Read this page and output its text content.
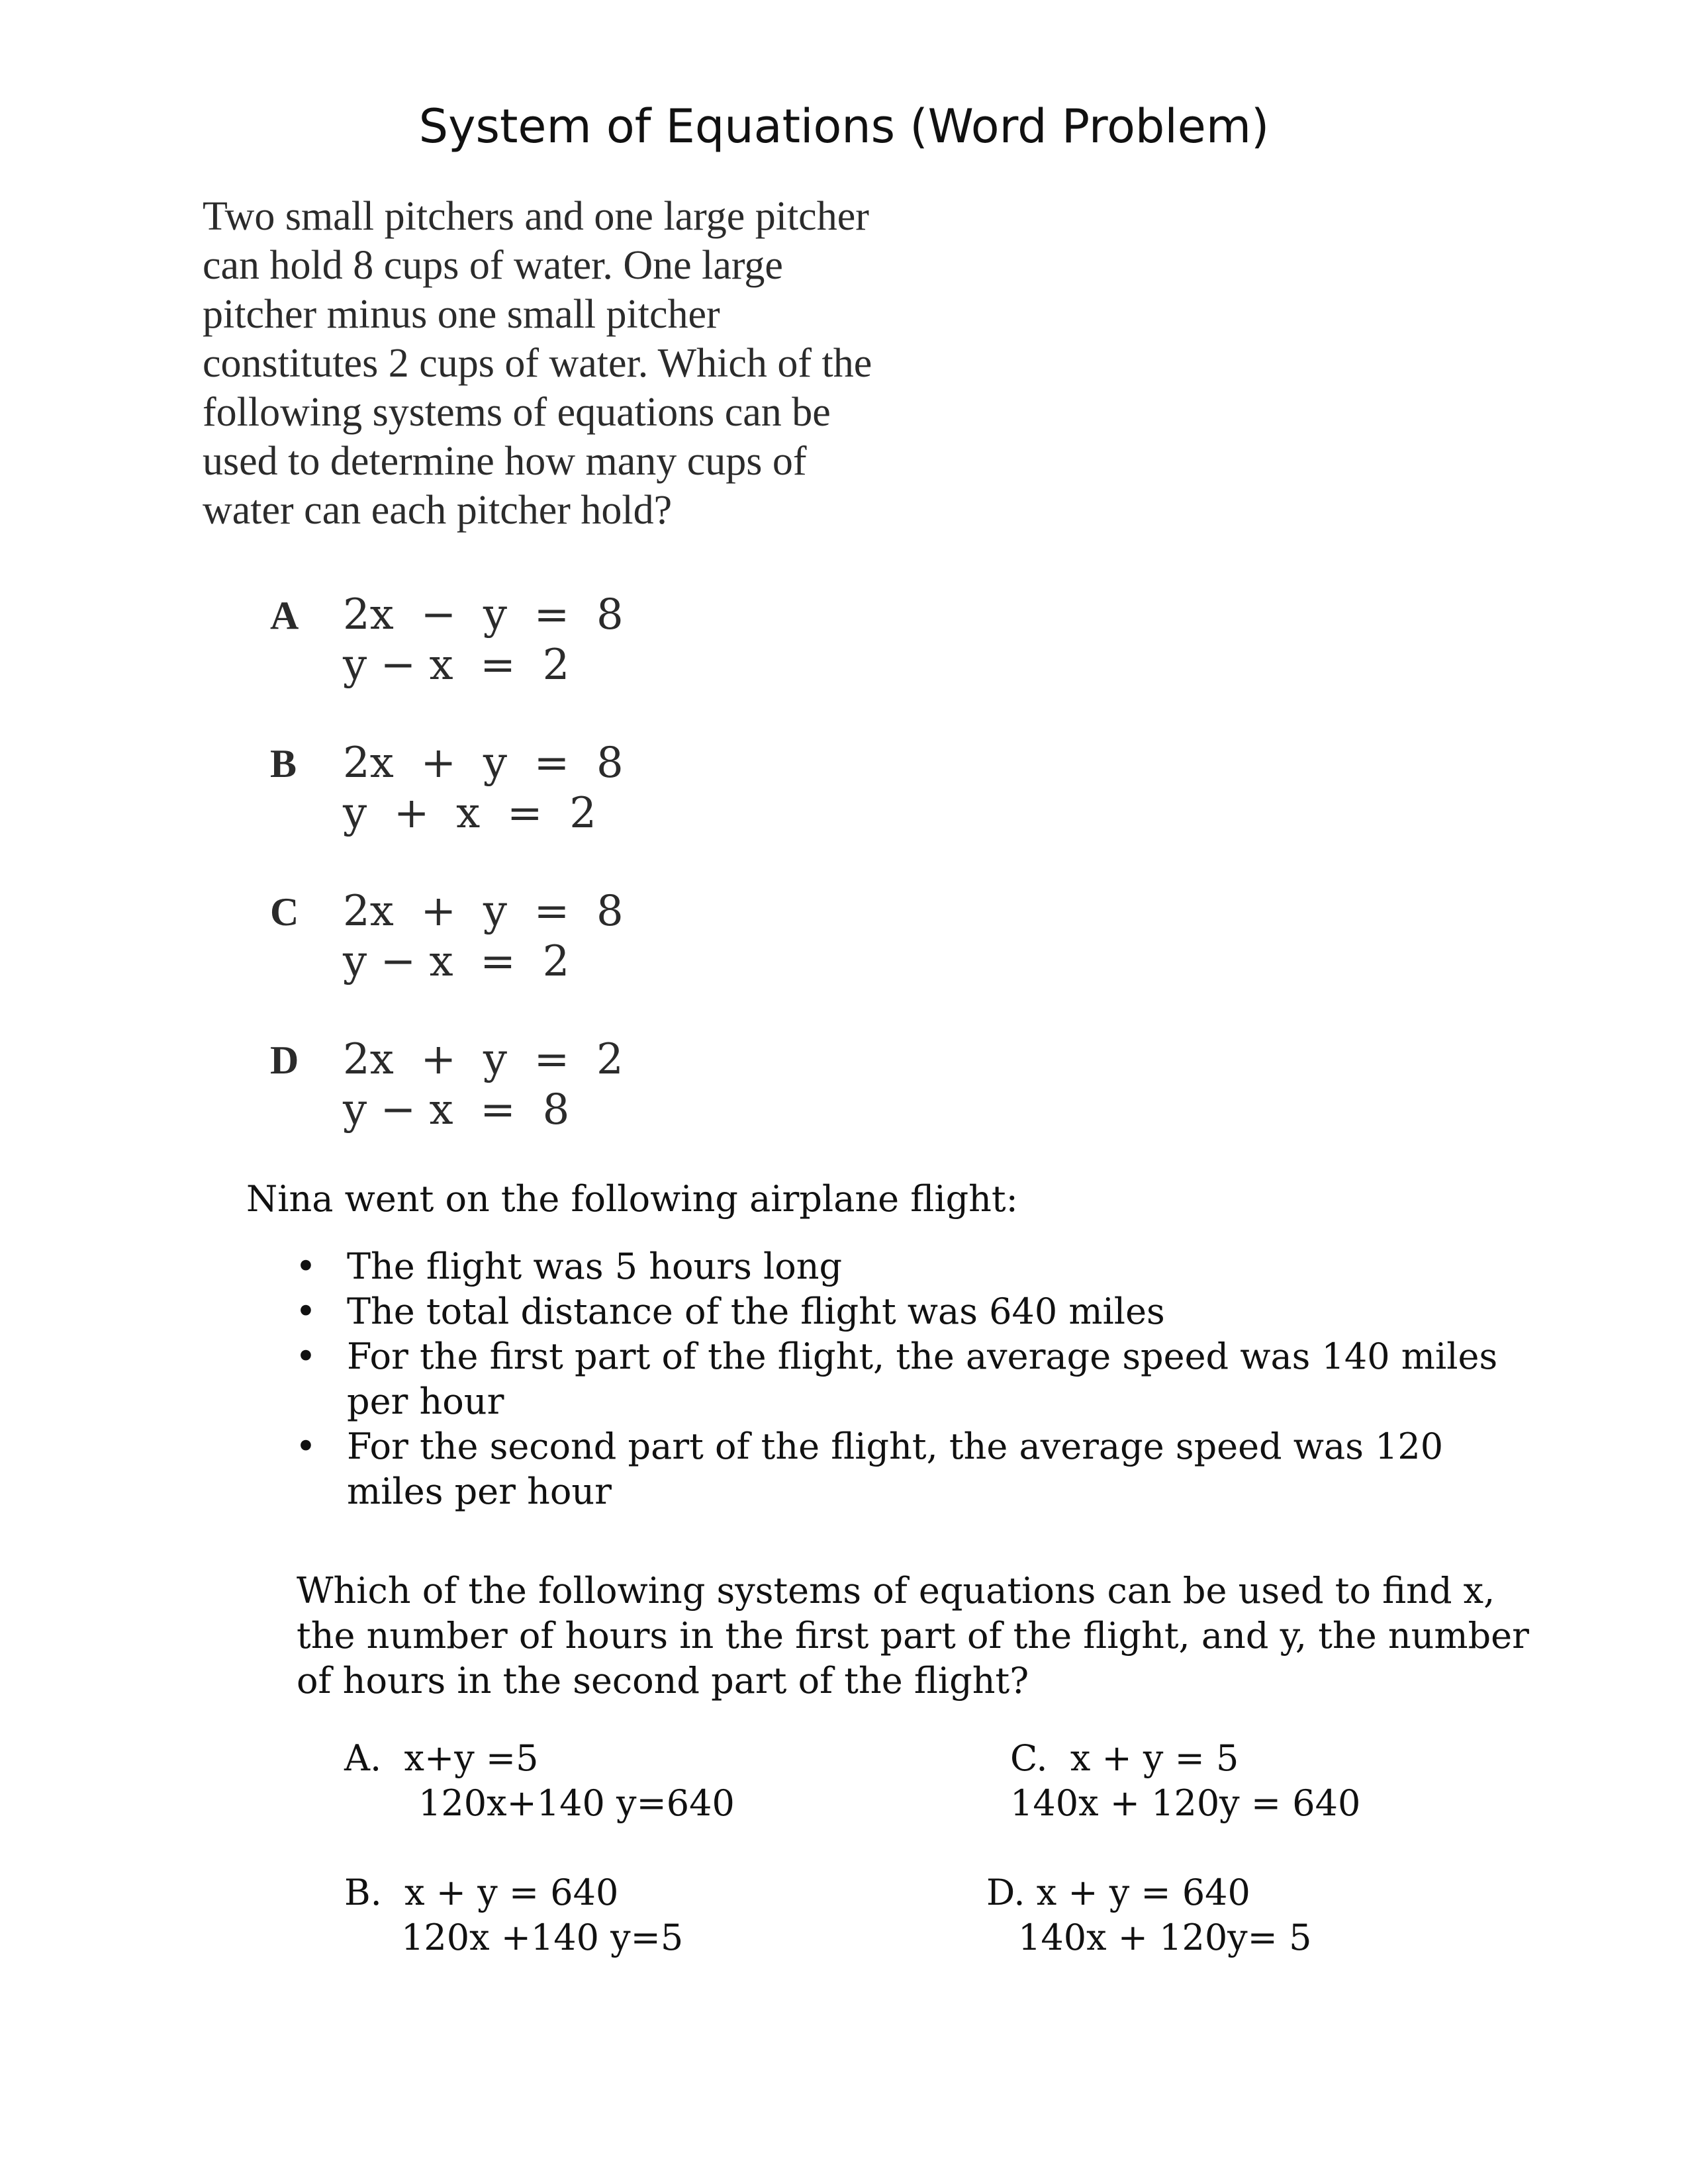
System of Equations (Word Problem)
Two small pitchers and one large pitcher
can hold 8 cups of water. One large
pitcher minus one small pitcher
constitutes 2 cups of water. Which of the
following systems of equations can be
used to determine how many cups of
water can each pitcher hold?
A 2x  −  y  =  8
y − x  =  2
B 2x  +  y  =  8
y  +  x  =  2
C 2x  +  y  =  8
y − x  =  2
D 2x  +  y  =  2
y − x  =  8
Nina went on the following airplane flight:
• The flight was 5 hours long
• The total distance of the flight was 640 miles
• For the first part of the flight, the average speed was 140 miles per hour
• For the second part of the flight, the average speed was 120 miles per hour
Which of the following systems of equations can be used to find x, the number of hours in the first part of the flight, and y, the number of hours in the second part of the flight?
A.  x+y =5
120x+140 y=640
C.  x + y = 5
140x + 120y = 640
B.  x + y = 640
120x +140 y=5
D. x + y = 640
140x + 120y= 5
